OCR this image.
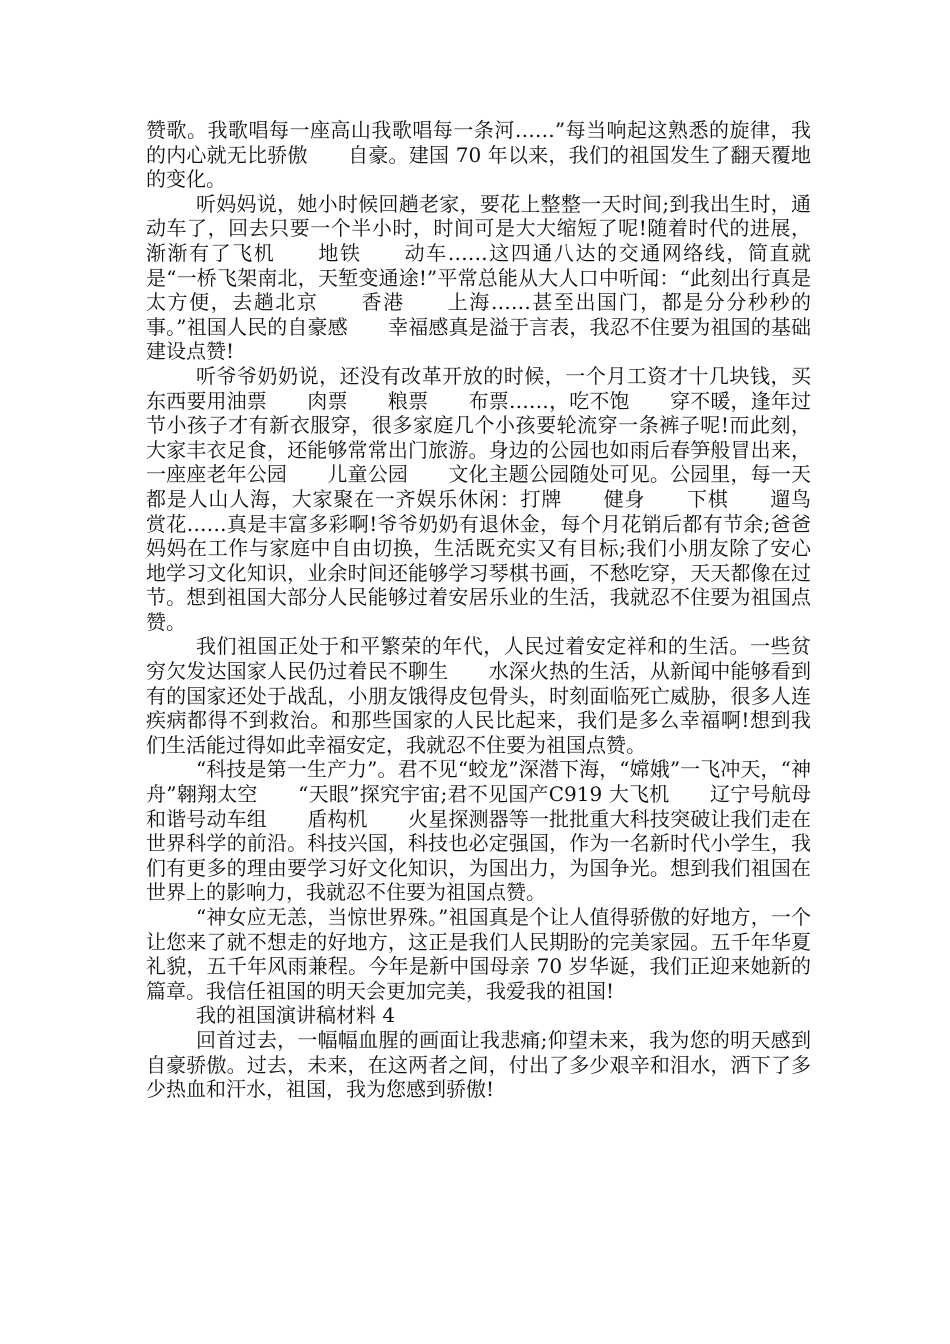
赞歌。我歌唱每一座高山我歌唱每一条河……”每当响起这熟悉的旋律，我的内心就无比骄傲　　自豪。建国 70 年以来，我们的祖国发生了翻天覆地的变化。

听妈妈说，她小时候回趟老家，要花上整整一天时间;到我出生时，通动车了，回去只要一个半小时，时间可是大大缩短了呢!随着时代的进展，渐渐有了飞机　　地铁　　动车……这四通八达的交通网络线，简直就是“一桥飞架南北，天堑变通途!”平常总能从大人口中听闻：“此刻出行真是太方便，去趟北京　　香港　　上海……甚至出国门，都是分分秒秒的事。”祖国人民的自豪感　　幸福感真是溢于言表，我忍不住要为祖国的基础建设点赞!

听爷爷奶奶说，还没有改革开放的时候，一个月工资才十几块钱，买东西要用油票　　肉票　　粮票　　布票……，吃不饱　　穿不暖，逢年过节小孩子才有新衣服穿，很多家庭几个小孩要轮流穿一条裤子呢!而此刻，大家丰衣足食，还能够常常出门旅游。身边的公园也如雨后春笋般冒出来，一座座老年公园　　儿童公园　　文化主题公园随处可见。公园里，每一天都是人山人海，大家聚在一齐娱乐休闲：打牌　　健身　　下棋　　遛鸟　　赏花……真是丰富多彩啊!爷爷奶奶有退休金，每个月花销后都有节余;爸爸妈妈在工作与家庭中自由切换，生活既充实又有目标;我们小朋友除了安心地学习文化知识，业余时间还能够学习琴棋书画，不愁吃穿，天天都像在过节。想到祖国大部分人民能够过着安居乐业的生活，我就忍不住要为祖国点赞。

我们祖国正处于和平繁荣的年代，人民过着安定祥和的生活。一些贫穷欠发达国家人民仍过着民不聊生　　水深火热的生活，从新闻中能够看到有的国家还处于战乱，小朋友饿得皮包骨头，时刻面临死亡威胁，很多人连疾病都得不到救治。和那些国家的人民比起来，我们是多么幸福啊!想到我们生活能过得如此幸福安定，我就忍不住要为祖国点赞。

“科技是第一生产力”。君不见“蛟龙”深潜下海，“嫦娥”一飞冲天，“神舟”翱翔太空　　“天眼”探究宇宙;君不见国产C919 大飞机　　辽宁号航母　　和谐号动车组　　盾构机　　火星探测器等一批批重大科技突破让我们走在世界科学的前沿。科技兴国，科技也必定强国，作为一名新时代小学生，我们有更多的理由要学习好文化知识，为国出力，为国争光。想到我们祖国在世界上的影响力，我就忍不住要为祖国点赞。

“神女应无恙，当惊世界殊。”祖国真是个让人值得骄傲的好地方，一个让您来了就不想走的好地方，这正是我们人民期盼的完美家园。五千年华夏礼貌，五千年风雨兼程。今年是新中国母亲 70 岁华诞，我们正迎来她新的篇章。我信任祖国的明天会更加完美，我爱我的祖国!

我的祖国演讲稿材料 4

回首过去，一幅幅血腥的画面让我悲痛;仰望未来，我为您的明天感到自豪骄傲。过去，未来，在这两者之间，付出了多少艰辛和泪水，洒下了多少热血和汗水，祖国，我为您感到骄傲!
